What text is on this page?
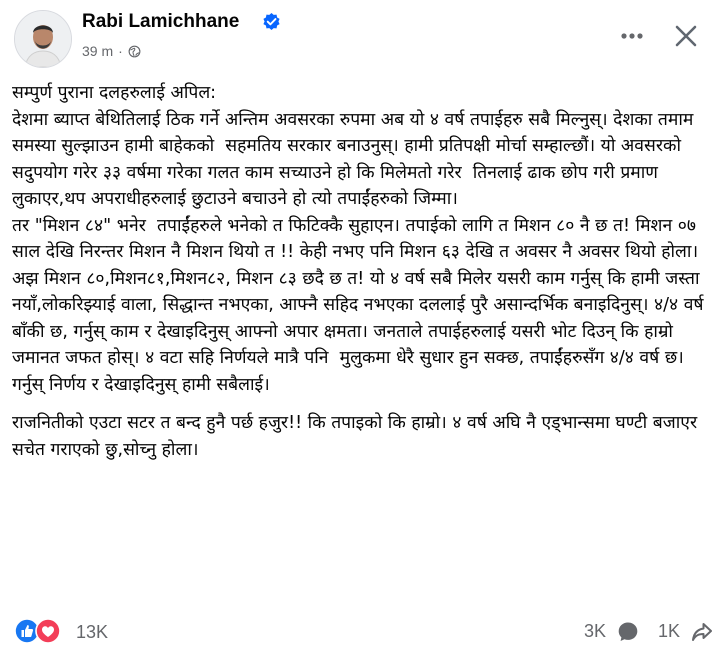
Rabi Lamichhane
39 m ·

सम्पुर्ण पुराना दलहरुलाई अपिल:
देशमा ब्याप्त बेथितिलाई ठिक गर्ने अन्तिम अवसरका रुपमा अब यो ४ वर्ष तपाईहरु सबै मिल्नुस्। देशका तमाम समस्या सुल्झाउन हामी बाहेकको  सहमतिय सरकार बनाउनुस्। हामी प्रतिपक्षी मोर्चा सम्हाल्छौं। यो अवसरको सदुपयोग गरेर ३३ वर्षमा गरेका गलत काम सच्याउने हो कि मिलेमतो गरेर  तिनलाई ढाक छोप गरी प्रमाण लुकाएर,थप अपराधीहरुलाई छुटाउने बचाउने हो त्यो तपाईंहरुको जिम्मा।
तर "मिशन ८४" भनेर  तपाईंहरुले भनेको त फिटिक्कै सुहाएन। तपाईको लागि त मिशन ८० नै छ त! मिशन ०७ साल देखि निरन्तर मिशन नै मिशन थियो त !! केही नभए पनि मिशन ६३ देखि त अवसर नै अवसर थियो होला। अझ मिशन ८०,मिशन८१,मिशन८२, मिशन ८३ छदै छ त! यो ४ वर्ष सबै मिलेर यसरी काम गर्नुस् कि हामी जस्ता नयाँ,लोकरिझ्याई वाला, सिद्धान्त नभएका, आफ्नै सहिद नभएका दललाई पुरै असान्दर्भिक बनाइदिनुस्। ४/४ वर्ष बाँकी छ, गर्नुस् काम र देखाइदिनुस् आफ्नो अपार क्षमता। जनताले तपाईहरुलाई यसरी भोट दिउन् कि हाम्रो जमानत जफत होस्। ४ वटा सहि निर्णयले मात्रै पनि  मुलुकमा धेरै सुधार हुन सक्छ, तपाईंहरुसँग ४/४ वर्ष छ। गर्नुस् निर्णय र देखाइदिनुस् हामी सबैलाई।

राजनितीको एउटा सटर त बन्द हुनै पर्छ हजुर!! कि तपाइको कि हाम्रो। ४ वर्ष अघि नै एड्भान्समा घण्टी बजाएर सचेत गराएको छु,सोच्नु होला।

13K	3K	1K
